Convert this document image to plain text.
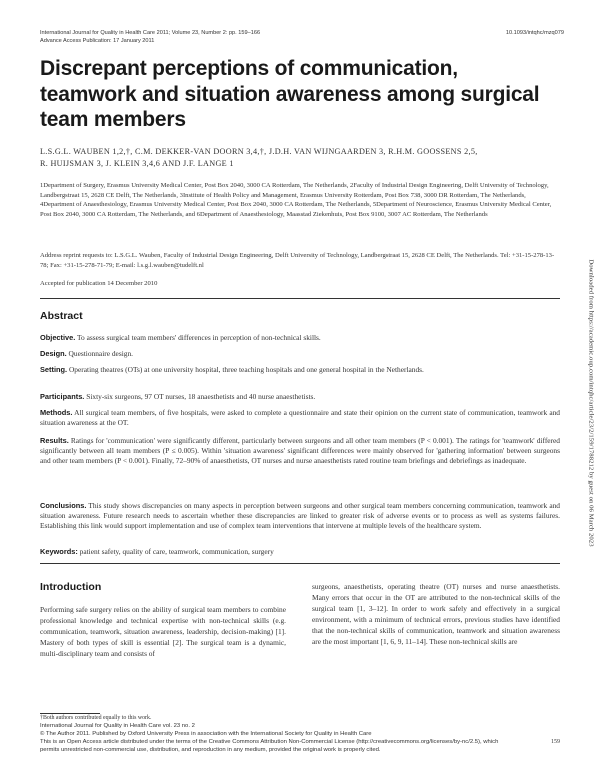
International Journal for Quality in Health Care 2011; Volume 23, Number 2: pp. 159–166
Advance Access Publication: 17 January 2011
10.1093/intqhc/mzq079
Discrepant perceptions of communication, teamwork and situation awareness among surgical team members
L.S.G.L. WAUBEN 1,2,†, C.M. DEKKER-VAN DOORN 3,4,†, J.D.H. VAN WIJNGAARDEN 3, R.H.M. GOOSSENS 2,5,
R. HUIJSMAN 3, J. KLEIN 3,4,6 AND J.F. LANGE 1
1Department of Surgery, Erasmus University Medical Center, Post Box 2040, 3000 CA Rotterdam, The Netherlands, 2Faculty of Industrial Design Engineering, Delft University of Technology, Landbergstraat 15, 2628 CE Delft, The Netherlands, 3Institute of Health Policy and Management, Erasmus University Rotterdam, Post Box 738, 3000 DR Rotterdam, The Netherlands, 4Department of Anaesthesiology, Erasmus University Medical Center, Post Box 2040, 3000 CA Rotterdam, The Netherlands, 5Department of Neuroscience, Erasmus University Medical Center, Post Box 2040, 3000 CA Rotterdam, The Netherlands, and 6Department of Anaesthesiology, Maasstad Ziekenhuis, Post Box 9100, 3007 AC Rotterdam, The Netherlands
Address reprint requests to: L.S.G.L. Wauben, Faculty of Industrial Design Engineering, Delft University of Technology, Landbergstraat 15, 2628 CE Delft, The Netherlands. Tel: +31-15-278-13-78; Fax: +31-15-278-71-79; E-mail: l.s.g.l.wauben@tudelft.nl
Accepted for publication 14 December 2010
Abstract
Objective. To assess surgical team members' differences in perception of non-technical skills.
Design. Questionnaire design.
Setting. Operating theatres (OTs) at one university hospital, three teaching hospitals and one general hospital in the Netherlands.
Participants. Sixty-six surgeons, 97 OT nurses, 18 anaesthetists and 40 nurse anaesthetists.
Methods. All surgical team members, of five hospitals, were asked to complete a questionnaire and state their opinion on the current state of communication, teamwork and situation awareness at the OT.
Results. Ratings for 'communication' were significantly different, particularly between surgeons and all other team members (P < 0.001). The ratings for 'teamwork' differed significantly between all team members (P ≤ 0.005). Within 'situation awareness' significant differences were mainly observed for 'gathering information' between surgeons and other team members (P < 0.001). Finally, 72–90% of anaesthetists, OT nurses and nurse anaesthetists rated routine team briefings and debriefings as inadequate.
Conclusions. This study shows discrepancies on many aspects in perception between surgeons and other surgical team members concerning communication, teamwork and situation awareness. Future research needs to ascertain whether these discrepancies are linked to greater risk of adverse events or to process as well as systems failures. Establishing this link would support implementation and use of complex team interventions that intervene at multiple levels of the healthcare system.
Keywords: patient safety, quality of care, teamwork, communication, surgery
Introduction
Performing safe surgery relies on the ability of surgical team members to combine professional knowledge and technical expertise with non-technical skills (e.g. communication, teamwork, situation awareness, leadership, decision-making) [1]. Mastery of both types of skill is essential [2]. The surgical team is a dynamic, multi-disciplinary team and consists of
surgeons, anaesthetists, operating theatre (OT) nurses and nurse anaesthetists. Many errors that occur in the OT are attributed to the non-technical skills of the surgical team [1, 3–12]. In order to work safely and effectively in a surgical environment, with a minimum of technical errors, previous studies have identified that the non-technical skills of communication, teamwork and situation awareness are the most important [1, 6, 9, 11–14]. These non-technical skills are
†Both authors contributed equally to this work.
International Journal for Quality in Health Care vol. 23 no. 2
© The Author 2011. Published by Oxford University Press in association with the International Society for Quality in Health Care
This is an Open Access article distributed under the terms of the Creative Commons Attribution Non-Commercial License (http://creativecommons.org/licenses/by-nc/2.5), which permits unrestricted non-commercial use, distribution, and reproduction in any medium, provided the original work is properly cited.
159
Downloaded from https://academic.oup.com/intqhc/article/23/2/159/1788212 by guest on 06 March 2023
